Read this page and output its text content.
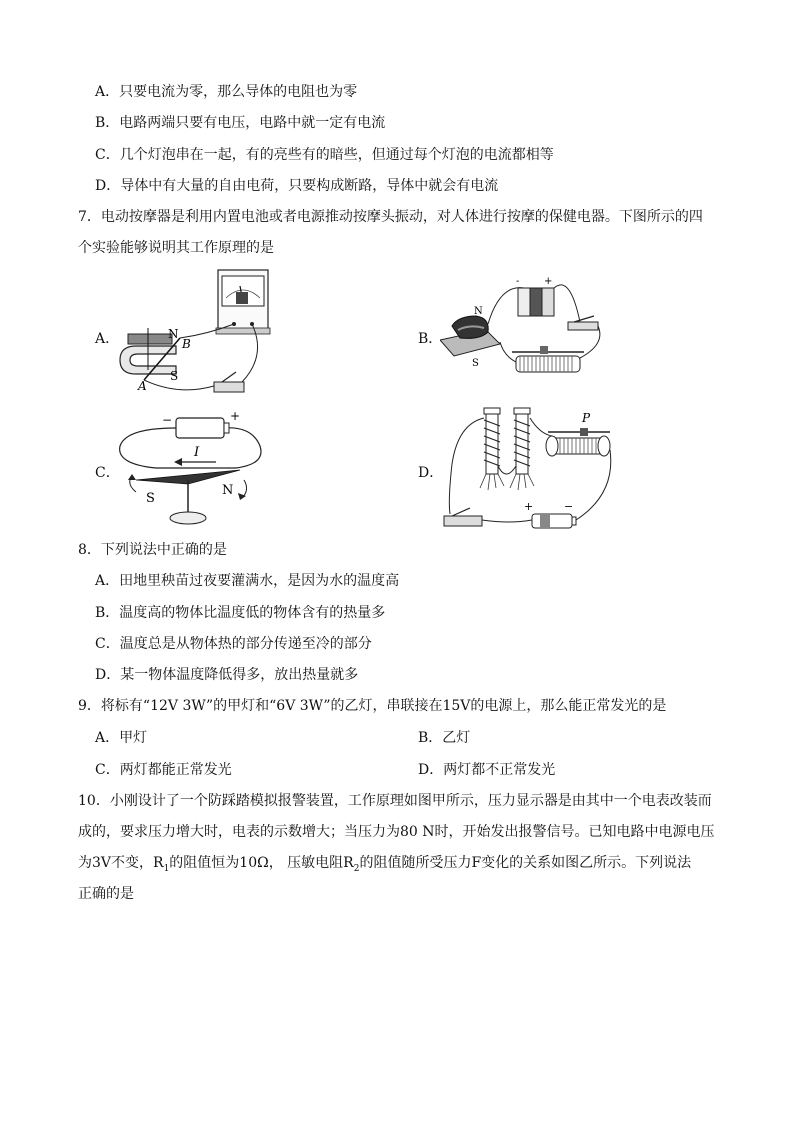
A．只要电流为零，那么导体的电阻也为零
B．电路两端只要有电压，电路中就一定有电流
C．几个灯泡串在一起，有的亮些有的暗些，但通过每个灯泡的电流都相等
D．导体中有大量的自由电荷，只要构成断路，导体中就会有电流
7．电动按摩器是利用内置电池或者电源推动按摩头振动，对人体进行按摩的保健电器。下图所示的四
个实验能够说明其工作原理的是
A．	N
S
A
B	B．
N
S
+
-
C．
−	+
I
S
N
D．
P
+	−
8．下列说法中正确的是
A．田地里秧苗过夜要灌满水，是因为水的温度高
B．温度高的物体比温度低的物体含有的热量多
C．温度总是从物体热的部分传递至冷的部分
D．某一物体温度降低得多，放出热量就多
9．将标有“12V 3W”的甲灯和“6V 3W”的乙灯，串联接在15V的电源上，那么能正常发光的是
A．甲灯	B．乙灯
C．两灯都能正常发光	D．两灯都不正常发光
10．小刚设计了一个防踩踏模拟报警装置，工作原理如图甲所示，压力显示器是由其中一个电表改装而
成的，要求压力增大时，电表的示数增大；当压力为80 N时，开始发出报警信号。已知电路中电源电压
为3V不变，$R_1$的阻值恒为10Ω， 压敏电阻$R_2$的阻值随所受压力F变化的关系如图乙所示。下列说法
正确的是
